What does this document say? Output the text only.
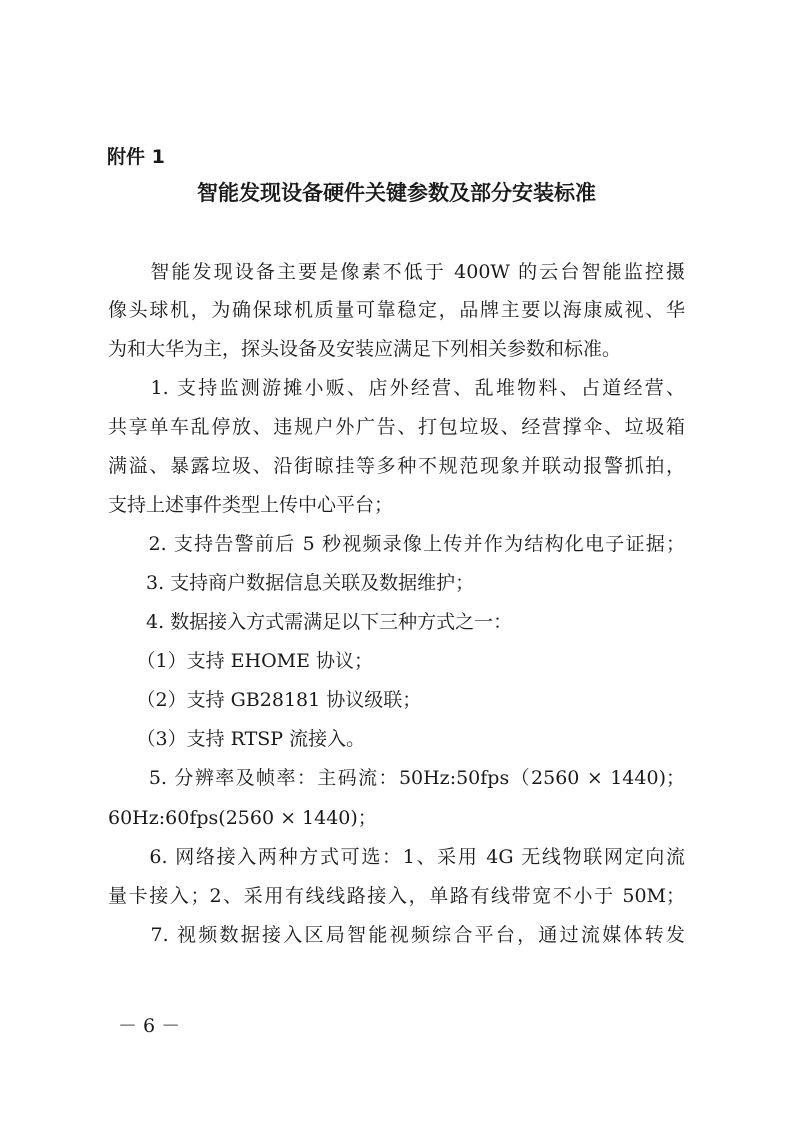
附件 1
智能发现设备硬件关键参数及部分安装标准
　　智能发现设备主要是像素不低于 400W 的云台智能监控摄
像头球机，为确保球机质量可靠稳定，品牌主要以海康威视、华
为和大华为主，探头设备及安装应满足下列相关参数和标准。
　　1. 支持监测游摊小贩、店外经营、乱堆物料、占道经营、
共享单车乱停放、违规户外广告、打包垃圾、经营撑伞、垃圾箱
满溢、暴露垃圾、沿街晾挂等多种不规范现象并联动报警抓拍，
支持上述事件类型上传中心平台；
　　2. 支持告警前后 5 秒视频录像上传并作为结构化电子证据；
　　3. 支持商户数据信息关联及数据维护；
　　4. 数据接入方式需满足以下三种方式之一：
　　（1）支持 EHOME 协议；
　　（2）支持 GB28181 协议级联；
　　（3）支持 RTSP 流接入。
　　5. 分辨率及帧率：主码流：50Hz:50fps（2560 × 1440)；
60Hz:60fps(2560 × 1440)；
　　6. 网络接入两种方式可选：1、采用 4G 无线物联网定向流
量卡接入；2、采用有线线路接入，单路有线带宽不小于 50M；
　　7. 视频数据接入区局智能视频综合平台，通过流媒体转发
－ 6 －
